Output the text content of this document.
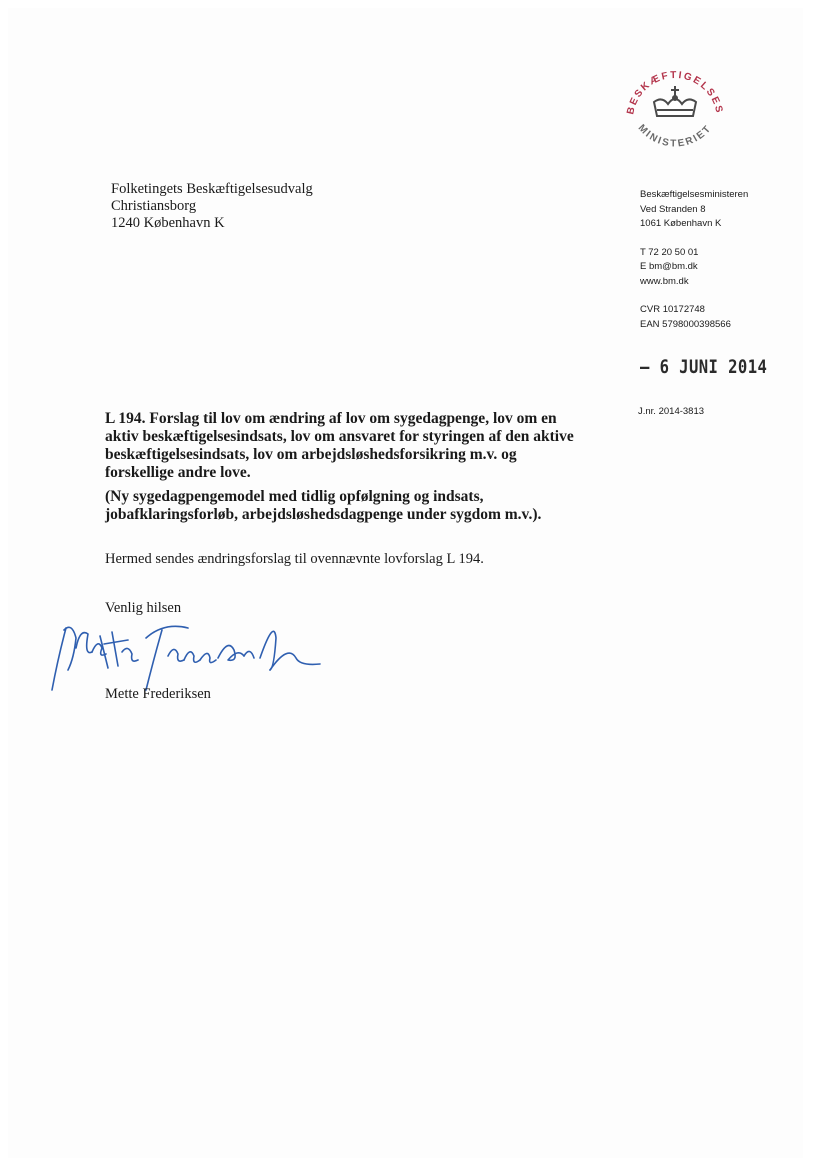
BESKÆFTIGELSES
MINISTERIET
Folketingets Beskæftigelsesudvalg
Christiansborg
1240 København K
Beskæftigelsesministeren
Ved Stranden 8
1061 København K
T 72 20 50 01
E bm@bm.dk
www.bm.dk
CVR 10172748
EAN 5798000398566
– 6 JUNI 2014
J.nr. 2014-3813
L 194. Forslag til lov om ændring af lov om sygedagpenge, lov om en aktiv beskæftigelsesindsats, lov om ansvaret for styringen af den aktive beskæftigelsesindsats, lov om arbejdsløshedsforsikring m.v. og forskellige andre love.
(Ny sygedagpengemodel med tidlig opfølgning og indsats, jobafklaringsforløb, arbejdsløshedsdagpenge under sygdom m.v.).
Hermed sendes ændringsforslag til ovennævnte lovforslag L 194.
Venlig hilsen
Mette Frederiksen
